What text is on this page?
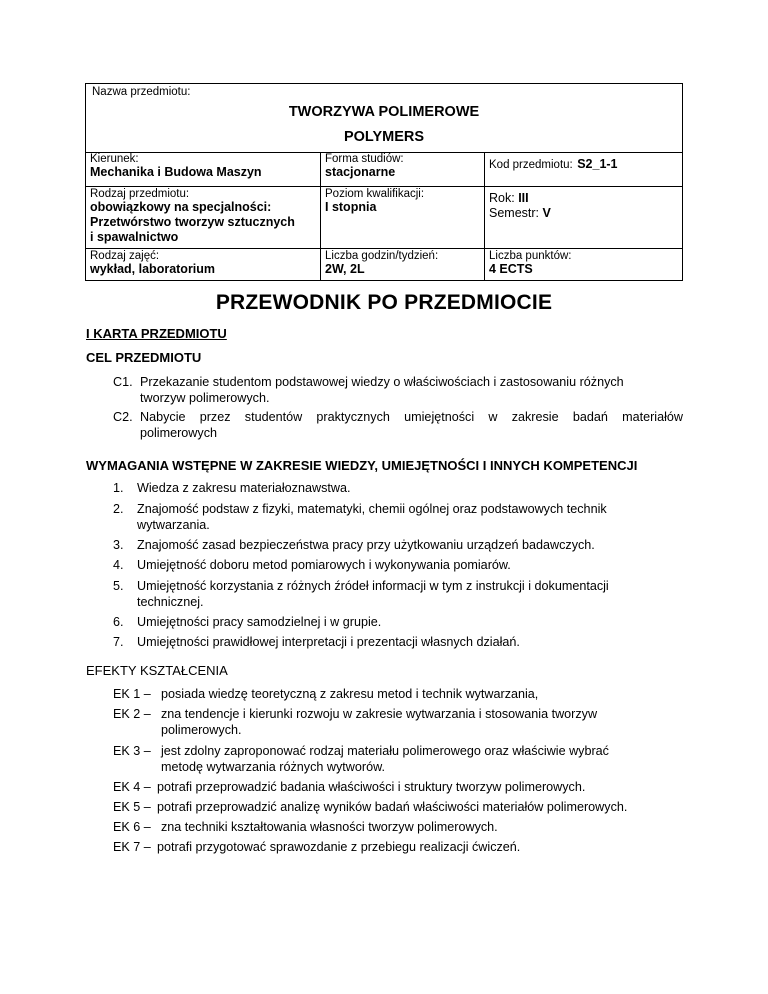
Nazwa przedmiotu:
TWORZYWA POLIMEROWE
POLYMERS
Kierunek:
Mechanika i Budowa Maszyn
Forma studiów:
stacjonarne	Kod przedmiotu: S2_1-1
Rodzaj przedmiotu:
obowiązkowy na specjalności:
Przetwórstwo tworzyw sztucznych
i spawalnictwo
Poziom kwalifikacji:
I stopnia
Rok: III
Semestr: V
Rodzaj zajęć:
wykład, laboratorium
Liczba godzin/tydzień:
2W, 2L
Liczba punktów:
4 ECTS
PRZEWODNIK PO PRZEDMIOCIE
I KARTA PRZEDMIOTU
CEL PRZEDMIOTU
C1. Przekazanie studentom podstawowej wiedzy o właściwościach i zastosowaniu różnych
tworzyw polimerowych.
C2. Nabycie przez studentów praktycznych umiejętności w zakresie badań materiałów
polimerowych
WYMAGANIA WSTĘPNE W ZAKRESIE WIEDZY, UMIEJĘTNOŚCI I INNYCH KOMPETENCJI
1. Wiedza z zakresu materiałoznawstwa.
2. Znajomość podstaw z fizyki, matematyki, chemii ogólnej oraz podstawowych technik
wytwarzania.
3. Znajomość zasad bezpieczeństwa pracy przy użytkowaniu urządzeń badawczych.
4. Umiejętność doboru metod pomiarowych i wykonywania pomiarów.
5. Umiejętność korzystania z różnych źródeł informacji w tym z instrukcji i dokumentacji
technicznej.
6. Umiejętności pracy samodzielnej i w grupie.
7. Umiejętności prawidłowej interpretacji i prezentacji własnych działań.
EFEKTY KSZTAŁCENIA
EK 1 – posiada wiedzę teoretyczną z zakresu metod i technik wytwarzania,
EK 2 – zna tendencje i kierunki rozwoju w zakresie wytwarzania i stosowania tworzyw
polimerowych.
EK 3 – jest zdolny zaproponować rodzaj materiału polimerowego oraz właściwie wybrać
metodę wytwarzania różnych wytworów.
EK 4 – potrafi przeprowadzić badania właściwości i struktury tworzyw polimerowych.
EK 5 – potrafi przeprowadzić analizę wyników badań właściwości materiałów polimerowych.
EK 6 – zna techniki kształtowania własności tworzyw polimerowych.
EK 7 – potrafi przygotować sprawozdanie z przebiegu realizacji ćwiczeń.
